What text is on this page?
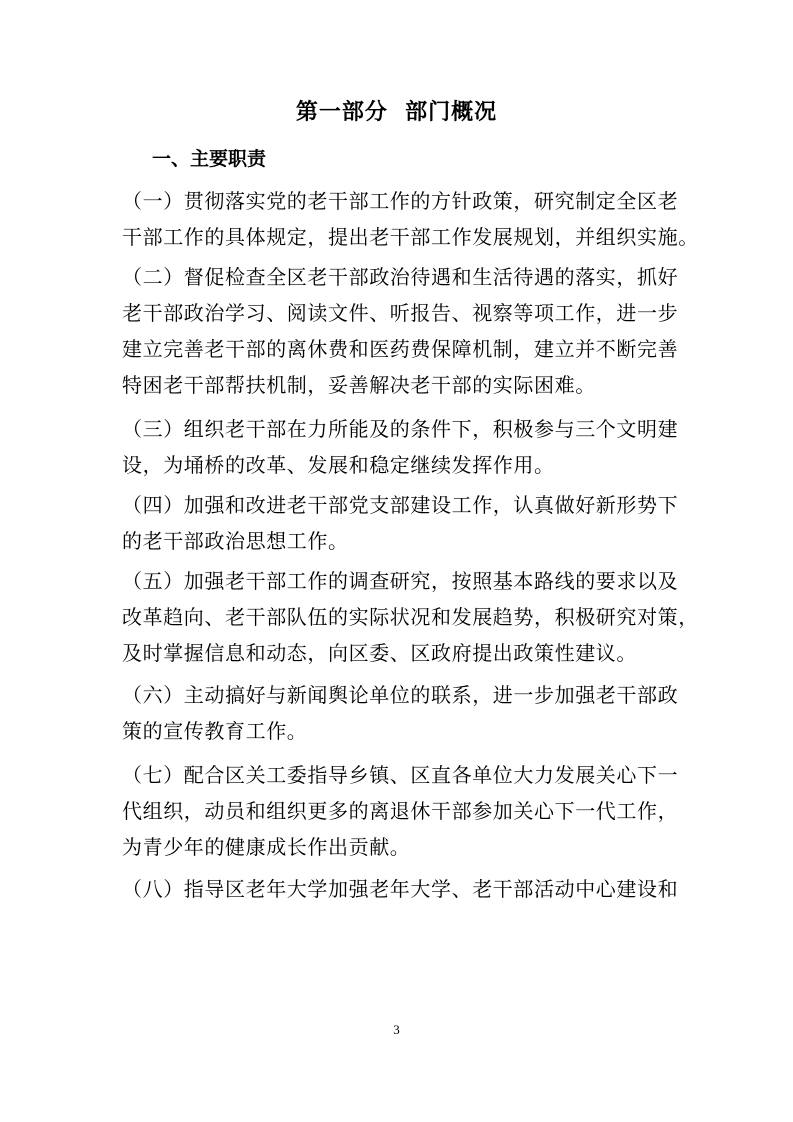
第一部分  部门概况
一、主要职责
（一）贯彻落实党的老干部工作的方针政策，研究制定全区老
干部工作的具体规定，提出老干部工作发展规划，并组织实施。
（二）督促检查全区老干部政治待遇和生活待遇的落实，抓好
老干部政治学习、阅读文件、听报告、视察等项工作，进一步
建立完善老干部的离休费和医药费保障机制，建立并不断完善
特困老干部帮扶机制，妥善解决老干部的实际困难。
（三）组织老干部在力所能及的条件下，积极参与三个文明建
设，为埇桥的改革、发展和稳定继续发挥作用。
（四）加强和改进老干部党支部建设工作，认真做好新形势下
的老干部政治思想工作。
（五）加强老干部工作的调查研究，按照基本路线的要求以及
改革趋向、老干部队伍的实际状况和发展趋势，积极研究对策，
及时掌握信息和动态，向区委、区政府提出政策性建议。
（六）主动搞好与新闻舆论单位的联系，进一步加强老干部政
策的宣传教育工作。
（七）配合区关工委指导乡镇、区直各单位大力发展关心下一
代组织，动员和组织更多的离退休干部参加关心下一代工作，
为青少年的健康成长作出贡献。
（八）指导区老年大学加强老年大学、老干部活动中心建设和
3
